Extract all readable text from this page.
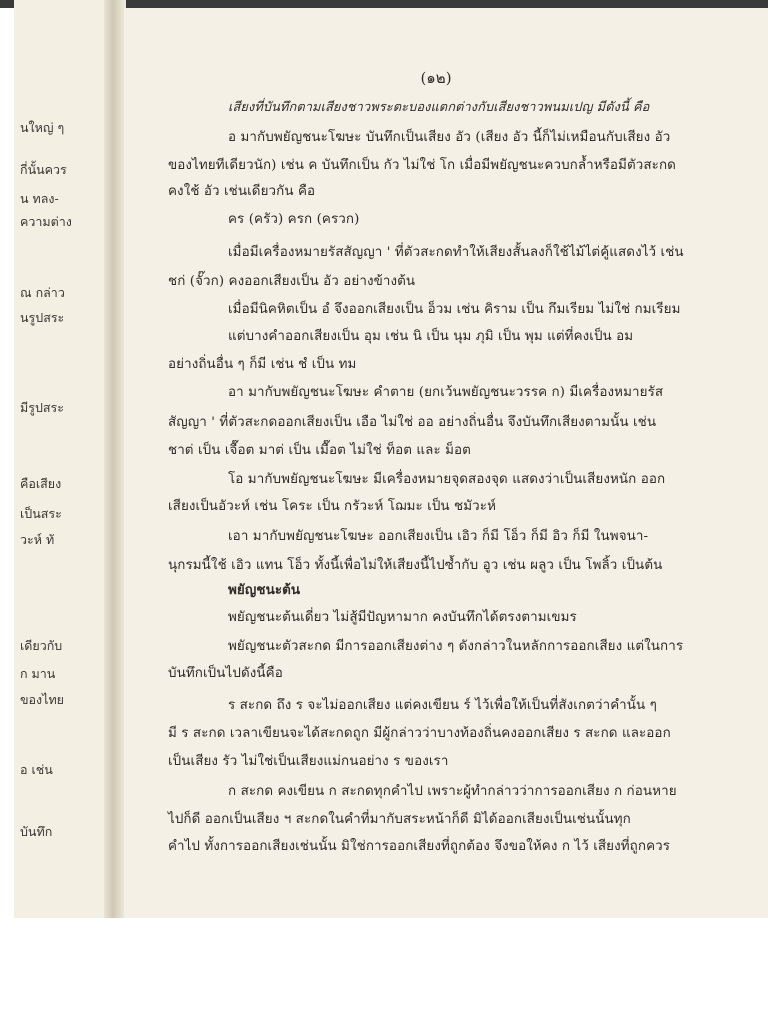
นใหญ่ ๆ
กี่นั้นควร
น ทลง-
ความต่าง
ณ กล่าว
นรูปสระ
มีรูปสระ
คือเสียง
เป็นสระ
วะห์ ทั
เดียวกับ
ก มาน
ของไทย
อ เช่น
บันทึก
(๑๒)
เสียงที่บันทึกตามเสียงชาวพระตะบองแตกต่างกับเสียงชาวพนมเปญ มีดังนี้ คือ
อ มากับพยัญชนะโฆษะ บันทึกเป็นเสียง อัว (เสียง อัว นี้ก็ไม่เหมือนกับเสียง อัว
ของไทยทีเดียวนัก) เช่น ค บันทึกเป็น กัว ไม่ใช่ โก เมื่อมีพยัญชนะควบกล้ำหรือมีตัวสะกด
คงใช้ อัว เช่นเดียวกัน คือ
คร (ครัว) ครก (ครวก)
เมื่อมีเครื่องหมายรัสสัญญา ' ที่ตัวสะกดทำให้เสียงสั้นลงก็ใช้ไม้ไต่คู้แสดงไว้ เช่น
ชก่ (จั๊วก) คงออกเสียงเป็น อัว อย่างข้างต้น
เมื่อมีนิคหิตเป็น อํ จึงออกเสียงเป็น อ็วม เช่น คิราม เป็น กึมเรียม ไม่ใช่ กมเรียม
แต่บางคำออกเสียงเป็น อุม เช่น นิ เป็น นุม ภุมิ เป็น พุม แต่ที่คงเป็น อม
อย่างถิ่นอื่น ๆ ก็มี เช่น ชํ เป็น ทม
อา มากับพยัญชนะโฆษะ คำตาย (ยกเว้นพยัญชนะวรรค ก) มีเครื่องหมายรัส
สัญญา ' ที่ตัวสะกดออกเสียงเป็น เอือ ไม่ใช่ ออ อย่างถิ่นอื่น จึงบันทึกเสียงตามนั้น เช่น
ชาต่ เป็น เจื๊อต มาต่ เป็น เมื๊อต ไม่ใช่ ท็อต และ ม็อต
โอ มากับพยัญชนะโฆษะ มีเครื่องหมายจุดสองจุด แสดงว่าเป็นเสียงหนัก ออก
เสียงเป็นอัวะห์ เช่น โคระ เป็น กรัวะห์ โฌมะ เป็น ชมัวะห์
เอา มากับพยัญชนะโฆษะ ออกเสียงเป็น เอิว ก็มี โอ็ว ก็มี อิว ก็มี ในพจนา-
นุกรมนี้ใช้ เอิว แทน โอ็ว ทั้งนี้เพื่อไม่ให้เสียงนี้ไปซ้ำกับ อูว เช่น ผลูว เป็น โพลิ้ว เป็นต้น
พยัญชนะต้น
พยัญชนะต้นเดี่ยว ไม่สู้มีปัญหามาก คงบันทึกได้ตรงตามเขมร
พยัญชนะตัวสะกด มีการออกเสียงต่าง ๆ ดังกล่าวในหลักการออกเสียง แต่ในการ
บันทึกเป็นไปดังนี้คือ
ร สะกด ถึง ร จะไม่ออกเสียง แต่คงเขียน ร์ ไว้เพื่อให้เป็นที่สังเกตว่าคำนั้น ๆ
มี ร สะกด เวลาเขียนจะได้สะกดถูก มีผู้กล่าวว่าบางท้องถิ่นคงออกเสียง ร สะกด และออก
เป็นเสียง รัว ไม่ใช่เป็นเสียงแม่กนอย่าง ร ของเรา
ก สะกด คงเขียน ก สะกดทุกคำไป เพราะผู้ทำกล่าวว่าการออกเสียง ก ก่อนหาย
ไปก็ดี ออกเป็นเสียง ฯ สะกดในคำที่มากับสระหน้าก็ดี มิได้ออกเสียงเป็นเช่นนั้นทุก
คำไป ทั้งการออกเสียงเช่นนั้น มิใช่การออกเสียงที่ถูกต้อง จึงขอให้คง ก ไว้ เสียงที่ถูกควร
